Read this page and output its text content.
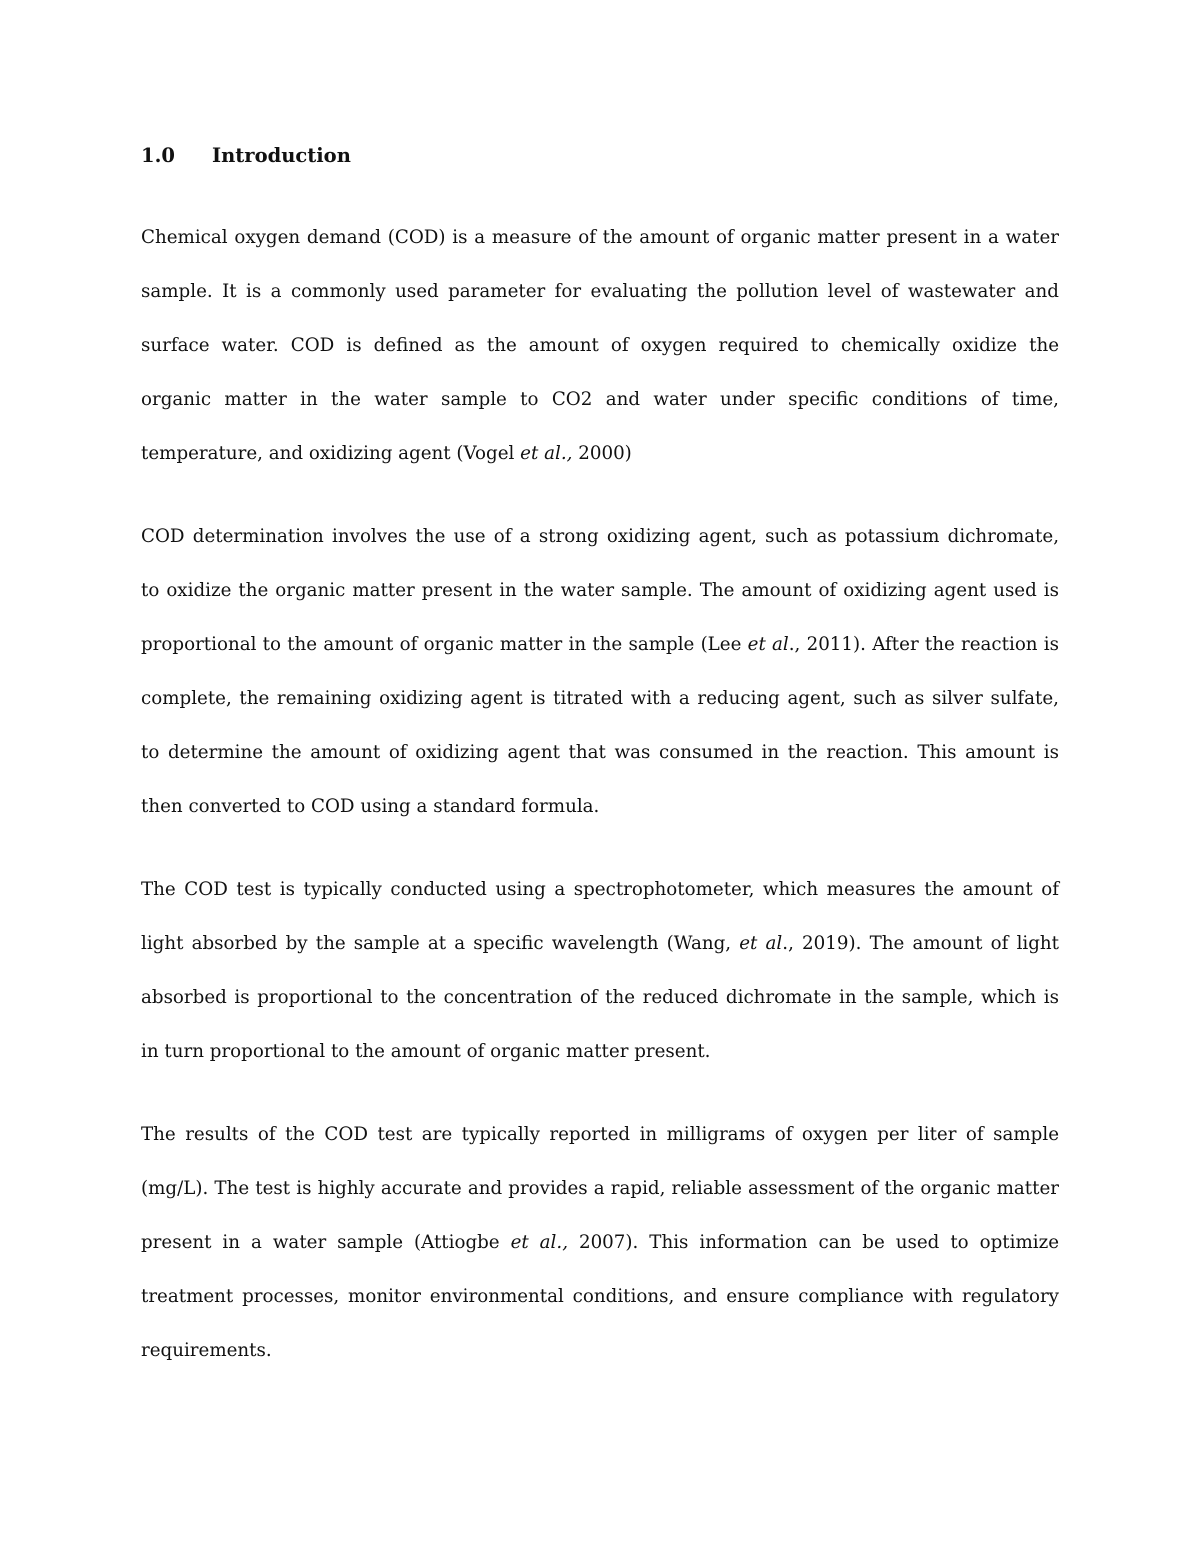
1.0	Introduction
Chemical oxygen demand (COD) is a measure of the amount of organic matter present in a water
sample. It is a commonly used parameter for evaluating the pollution level of wastewater and
surface water. COD is defined as the amount of oxygen required to chemically oxidize the
organic matter in the water sample to CO2 and water under specific conditions of time,
temperature, and oxidizing agent (Vogel et al., 2000)
COD determination involves the use of a strong oxidizing agent, such as potassium dichromate,
to oxidize the organic matter present in the water sample. The amount of oxidizing agent used is
proportional to the amount of organic matter in the sample (Lee et al., 2011). After the reaction is
complete, the remaining oxidizing agent is titrated with a reducing agent, such as silver sulfate,
to determine the amount of oxidizing agent that was consumed in the reaction. This amount is
then converted to COD using a standard formula.
The COD test is typically conducted using a spectrophotometer, which measures the amount of
light absorbed by the sample at a specific wavelength (Wang, et al., 2019). The amount of light
absorbed is proportional to the concentration of the reduced dichromate in the sample, which is
in turn proportional to the amount of organic matter present.
The results of the COD test are typically reported in milligrams of oxygen per liter of sample
(mg/L). The test is highly accurate and provides a rapid, reliable assessment of the organic matter
present in a water sample (Attiogbe et al., 2007). This information can be used to optimize
treatment processes, monitor environmental conditions, and ensure compliance with regulatory
requirements.
